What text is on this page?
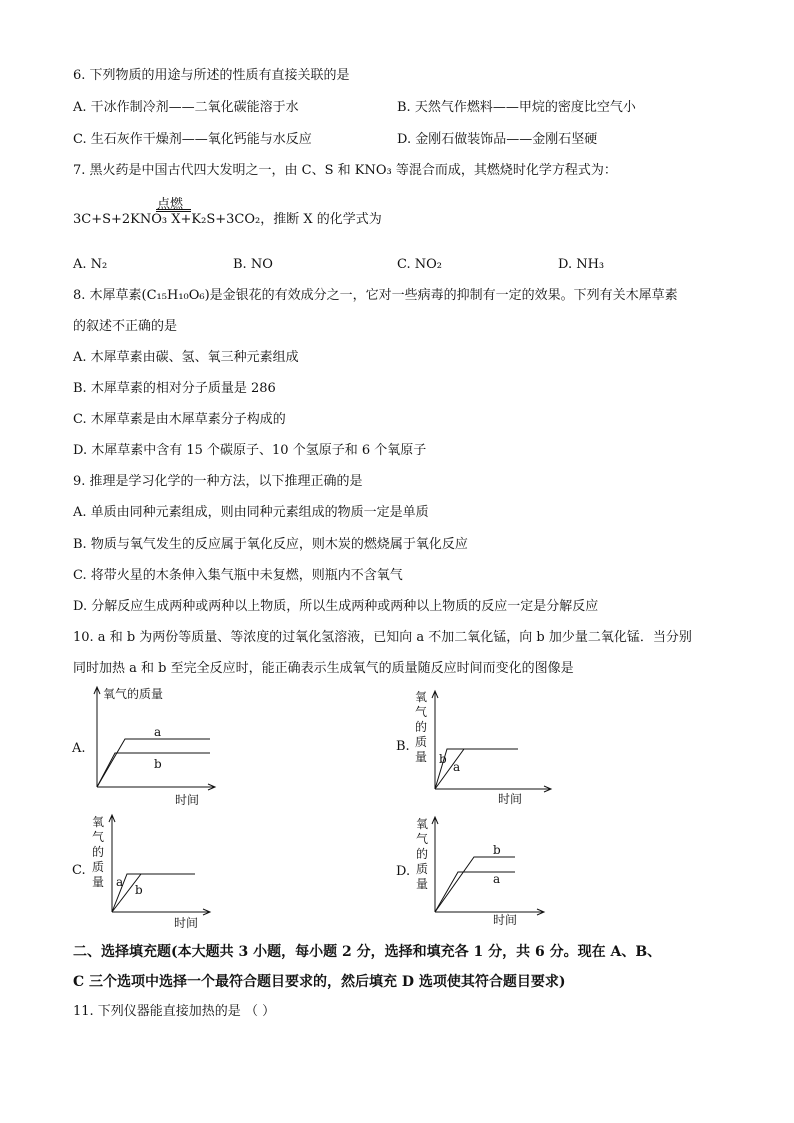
6. 下列物质的用途与所述的性质有直接关联的是
A. 干冰作制冷剂——二氧化碳能溶于水	B. 天然气作燃料——甲烷的密度比空气小
C. 生石灰作干燥剂——氧化钙能与水反应	D. 金刚石做装饰品——金刚石坚硬
7. 黑火药是中国古代四大发明之一，由 C、S 和 KNO₃ 等混合而成，其燃烧时化学方程式为：
点燃
3C+S+2KNO₃ X+K₂S+3CO₂，推断 X 的化学式为
A. N₂	B. NO	C. NO₂	D. NH₃
8. 木犀草素(C₁₅H₁₀O₆)是金银花的有效成分之一，它对一些病毒的抑制有一定的效果。下列有关木犀草素
的叙述不正确的是
A. 木犀草素由碳、氢、氧三种元素组成
B. 木犀草素的相对分子质量是 286
C. 木犀草素是由木犀草素分子构成的
D. 木犀草素中含有 15 个碳原子、10 个氢原子和 6 个氧原子
9. 推理是学习化学的一种方法，以下推理正确的是
A. 单质由同种元素组成，则由同种元素组成的物质一定是单质
B. 物质与氧气发生的反应属于氧化反应，则木炭的燃烧属于氧化反应
C. 将带火星的木条伸入集气瓶中未复燃，则瓶内不含氧气
D. 分解反应生成两种或两种以上物质，所以生成两种或两种以上物质的反应一定是分解反应
10. a 和 b 为两份等质量、等浓度的过氧化氢溶液，已知向 a 不加二氧化锰，向 b 加少量二氧化锰．当分别
同时加热 a 和 b 至完全反应时，能正确表示生成氧气的质量随反应时间而变化的图像是
氧气的质量
A.
a
b
时间
氧气的质量
B.
b
a
时间
氧气的质量
C.
a
b
时间
氧气的质量
D.
b
a
时间
二、选择填充题(本大题共 3 小题，每小题 2 分，选择和填充各 1 分，共 6 分。现在 A、B、
C 三个选项中选择一个最符合题目要求的，然后填充 D 选项使其符合题目要求)
11. 下列仪器能直接加热的是 （ ）
